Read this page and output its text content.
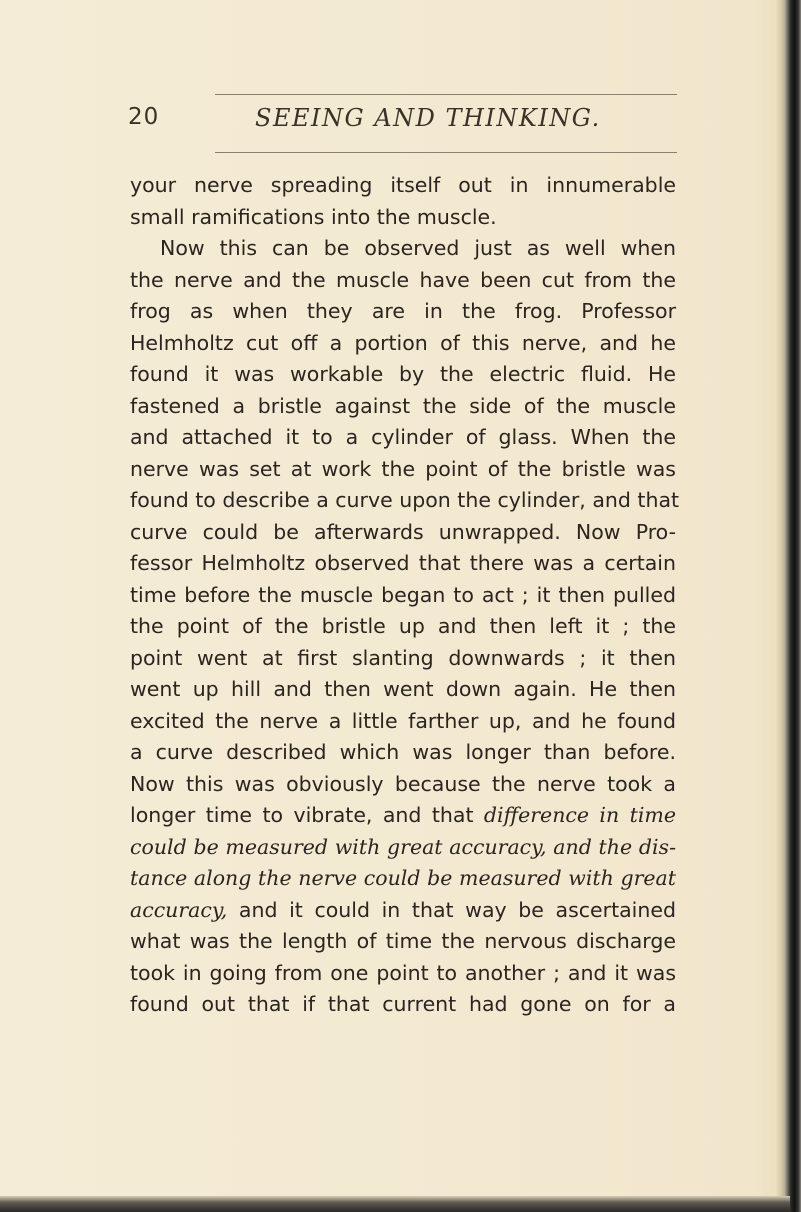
20	SEEING AND THINKING.
your nerve spreading itself out in innumerable
small ramifications into the muscle.
Now this can be observed just as well when
the nerve and the muscle have been cut from the
frog as when they are in the frog. Professor
Helmholtz cut off a portion of this nerve, and he
found it was workable by the electric fluid. He
fastened a bristle against the side of the muscle
and attached it to a cylinder of glass. When the
nerve was set at work the point of the bristle was
found to describe a curve upon the cylinder, and that
curve could be afterwards unwrapped. Now Pro-
fessor Helmholtz observed that there was a certain
time before the muscle began to act ; it then pulled
the point of the bristle up and then left it ; the
point went at first slanting downwards ; it then
went up hill and then went down again. He then
excited the nerve a little farther up, and he found
a curve described which was longer than before.
Now this was obviously because the nerve took a
longer time to vibrate, and that difference in time
could be measured with great accuracy, and the dis-
tance along the nerve could be measured with great
accuracy, and it could in that way be ascertained
what was the length of time the nervous discharge
took in going from one point to another ; and it was
found out that if that current had gone on for a
